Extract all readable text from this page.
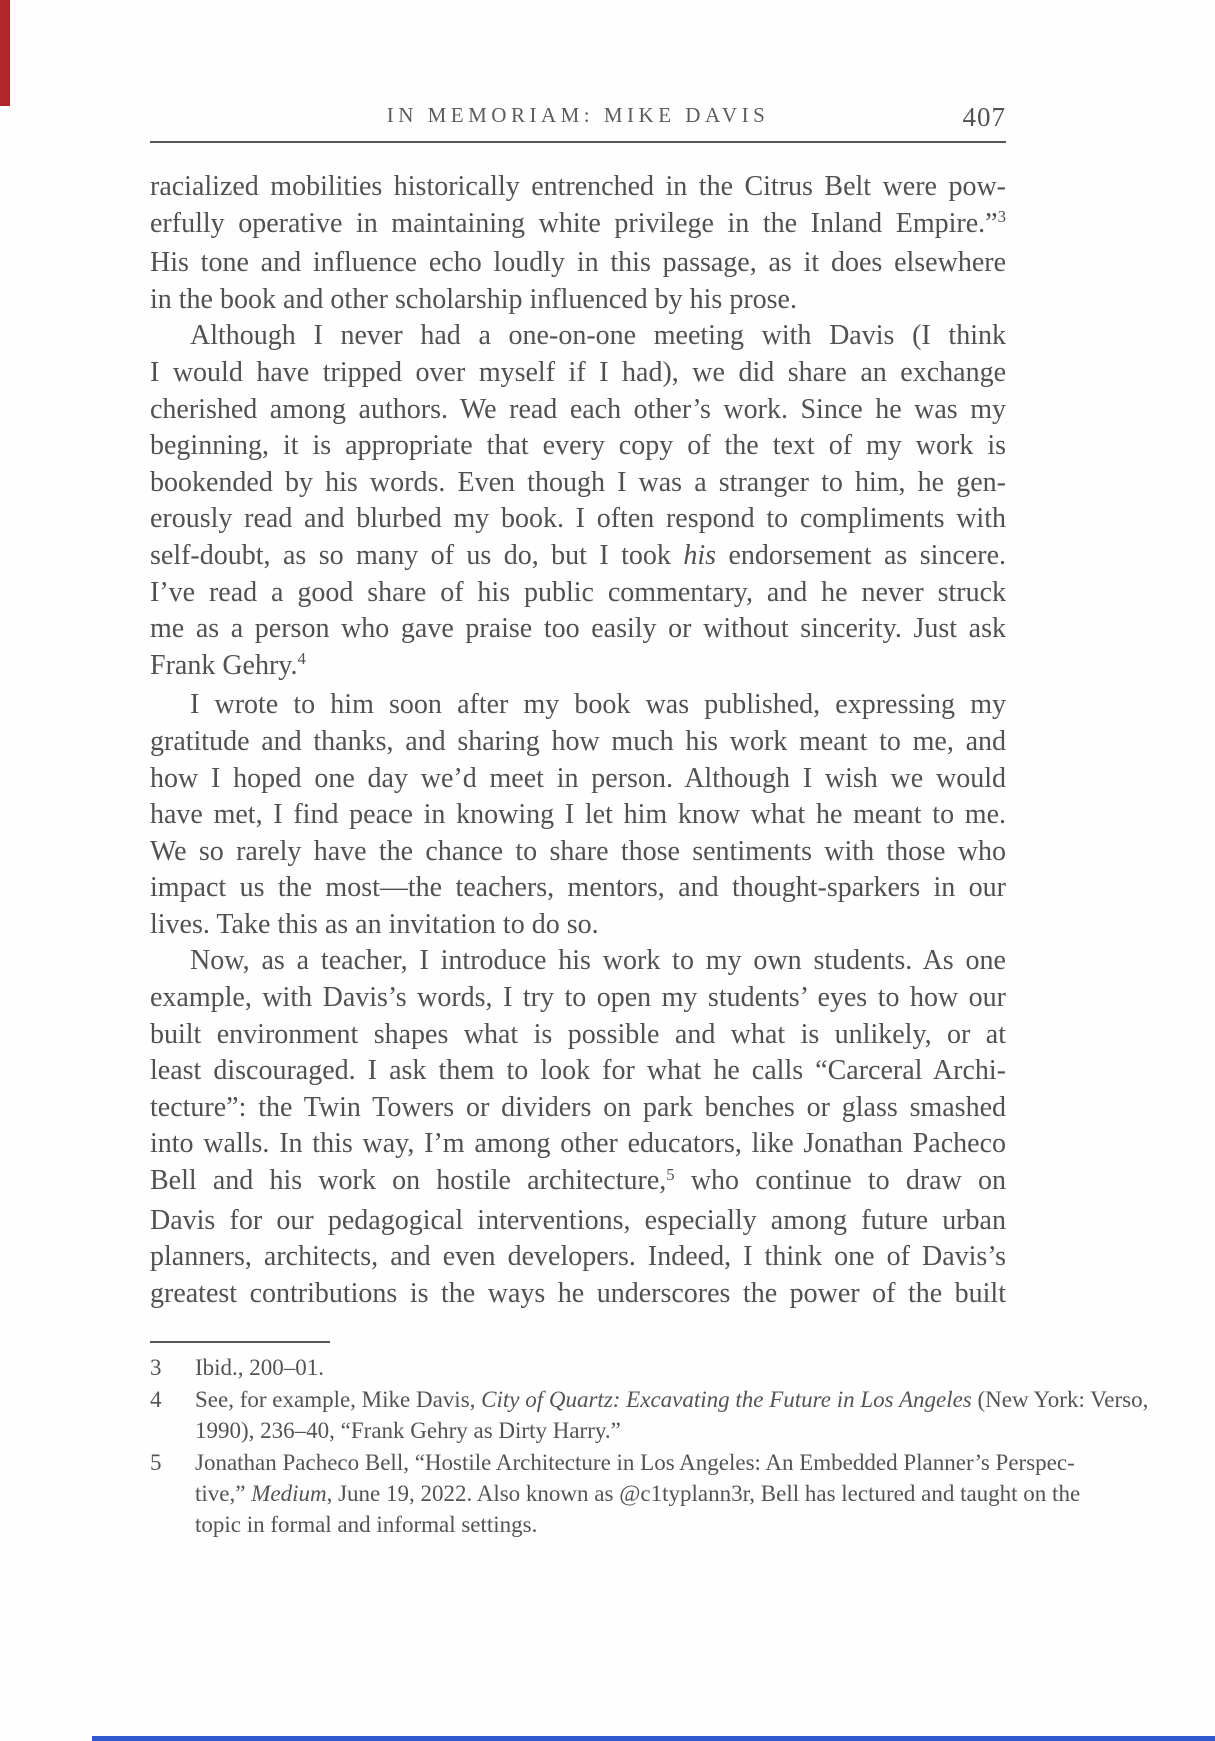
IN MEMORIAM: MIKE DAVIS	407
racialized mobilities historically entrenched in the Citrus Belt were pow-
erfully operative in maintaining white privilege in the Inland Empire.”$^3$
His tone and influence echo loudly in this passage, as it does elsewhere
in the book and other scholarship influenced by his prose.
Although I never had a one-on-one meeting with Davis (I think
I would have tripped over myself if I had), we did share an exchange
cherished among authors. We read each other’s work. Since he was my
beginning, it is appropriate that every copy of the text of my work is
bookended by his words. Even though I was a stranger to him, he gen-
erously read and blurbed my book. I often respond to compliments with
self-doubt, as so many of us do, but I took his endorsement as sincere.
I’ve read a good share of his public commentary, and he never struck
me as a person who gave praise too easily or without sincerity. Just ask
Frank Gehry.$^4$
I wrote to him soon after my book was published, expressing my
gratitude and thanks, and sharing how much his work meant to me, and
how I hoped one day we’d meet in person. Although I wish we would
have met, I find peace in knowing I let him know what he meant to me.
We so rarely have the chance to share those sentiments with those who
impact us the most—the teachers, mentors, and thought-sparkers in our
lives. Take this as an invitation to do so.
Now, as a teacher, I introduce his work to my own students. As one
example, with Davis’s words, I try to open my students’ eyes to how our
built environment shapes what is possible and what is unlikely, or at
least discouraged. I ask them to look for what he calls “Carceral Archi-
tecture”: the Twin Towers or dividers on park benches or glass smashed
into walls. In this way, I’m among other educators, like Jonathan Pacheco
Bell and his work on hostile architecture,$^5$ who continue to draw on
Davis for our pedagogical interventions, especially among future urban
planners, architects, and even developers. Indeed, I think one of Davis’s
greatest contributions is the ways he underscores the power of the built
3 Ibid., 200–01.
4 See, for example, Mike Davis, City of Quartz: Excavating the Future in Los Angeles (New York: Verso,
1990), 236–40, “Frank Gehry as Dirty Harry.”
5 Jonathan Pacheco Bell, “Hostile Architecture in Los Angeles: An Embedded Planner’s Perspec-
tive,” Medium, June 19, 2022. Also known as @c1typlann3r, Bell has lectured and taught on the
topic in formal and informal settings.
